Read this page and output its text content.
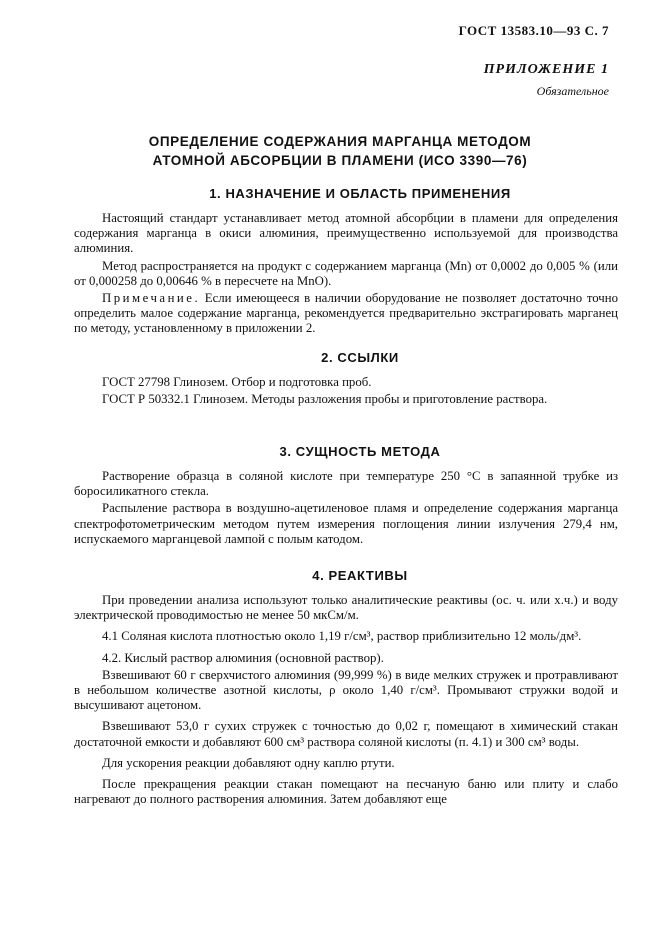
ГОСТ 13583.10—93 С. 7
ПРИЛОЖЕНИЕ 1
Обязательное
ОПРЕДЕЛЕНИЕ СОДЕРЖАНИЯ МАРГАНЦА МЕТОДОМ
АТОМНОЙ АБСОРБЦИИ В ПЛАМЕНИ (ИСО 3390—76)
1. НАЗНАЧЕНИЕ И ОБЛАСТЬ ПРИМЕНЕНИЯ

Настоящий стандарт устанавливает метод атомной абсорбции в пламени для определения содержания марганца в окиси алюминия, преимущественно используемой для производства алюминия.

Метод распространяется на продукт с содержанием марганца (Mn) от 0,0002 до 0,005 % (или от 0,000258 до 0,00646 % в пересчете на MnO).

Примечание. Если имеющееся в наличии оборудование не позволяет достаточно точно определить малое содержание марганца, рекомендуется предварительно экстрагировать марганец по методу, установленному в приложении 2.

2. ССЫЛКИ

ГОСТ 27798 Глинозем. Отбор и подготовка проб.

ГОСТ Р 50332.1 Глинозем. Методы разложения пробы и приготовление раствора.

3. СУЩНОСТЬ МЕТОДА

Растворение образца в соляной кислоте при температуре 250 °С в запаянной трубке из боросиликатного стекла.

Распыление раствора в воздушно-ацетиленовое пламя и определение содержания марганца спектрофотометрическим методом путем измерения поглощения линии излучения 279,4 нм, испускаемого марганцевой лампой с полым катодом.

4. РЕАКТИВЫ

При проведении анализа используют только аналитические реактивы (ос. ч. или х.ч.) и воду электрической проводимостью не менее 50 мкСм/м.

4.1 Соляная кислота плотностью около 1,19 г/см³, раствор приблизительно 12 моль/дм³.

4.2. Кислый раствор алюминия (основной раствор).

Взвешивают 60 г сверхчистого алюминия (99,999 %) в виде мелких стружек и протравливают в небольшом количестве азотной кислоты, ρ около 1,40 г/см³. Промывают стружки водой и высушивают ацетоном.

Взвешивают 53,0 г сухих стружек с точностью до 0,02 г, помещают в химический стакан достаточной емкости и добавляют 600 см³ раствора соляной кислоты (п. 4.1) и 300 см³ воды.

Для ускорения реакции добавляют одну каплю ртути.

После прекращения реакции стакан помещают на песчаную баню или плиту и слабо нагревают до полного растворения алюминия. Затем добавляют еще
